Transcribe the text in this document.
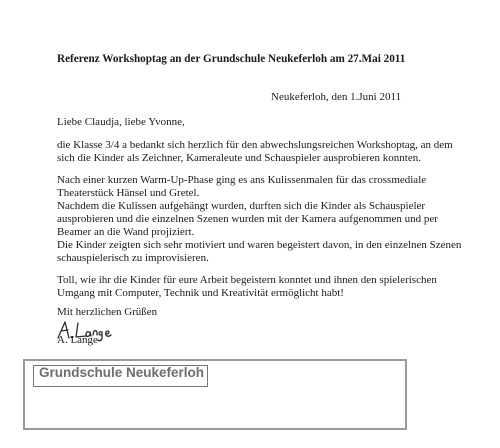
Referenz Workshoptag an der Grundschule Neukeferloh am 27.Mai 2011
Neukeferloh, den 1.Juni 2011
Liebe Claudja, liebe Yvonne,
die Klasse 3/4 a bedankt sich herzlich für den abwechslungsreichen Workshoptag, an dem
sich die Kinder als Zeichner, Kameraleute und Schauspieler ausprobieren konnten.
Nach einer kurzen Warm-Up-Phase ging es ans Kulissenmalen für das crossmediale
Theaterstück Hänsel und Gretel.
Nachdem die Kulissen aufgehängt wurden, durften sich die Kinder als Schauspieler
ausprobieren und die einzelnen Szenen wurden mit der Kamera aufgenommen und per
Beamer an die Wand projiziert.
Die Kinder zeigten sich sehr motiviert und waren begeistert davon, in den einzelnen Szenen
schauspielerisch zu improvisieren.
Toll, wie ihr die Kinder für eure Arbeit begeistern konntet und ihnen den spielerischen
Umgang mit Computer, Technik und Kreativität ermöglicht habt!
Mit herzlichen Grüßen
A. Lange
Grundschule Neukeferloh
